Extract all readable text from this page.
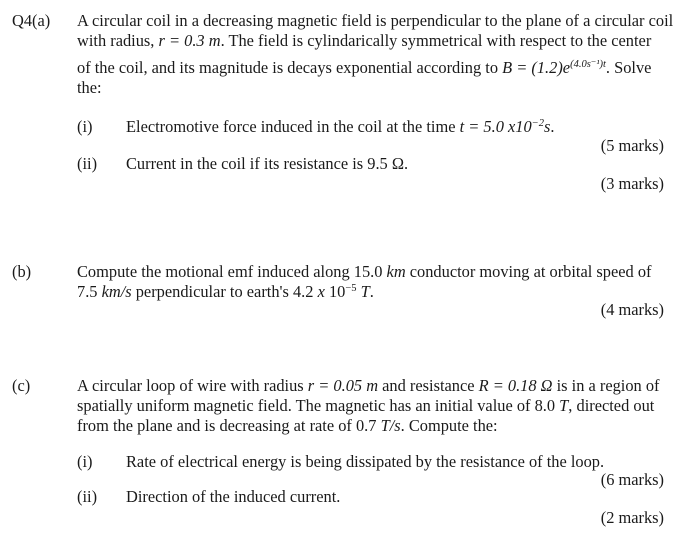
Q4(a) A circular coil in a decreasing magnetic field is perpendicular to the plane of a circular coil
with radius, r = 0.3 m. The field is cylindarically symmetrical with respect to the center
of the coil, and its magnitude is decays exponential according to $B = (1.2)e^{(4.0s^{-1})t}$. Solve
the:
(i) Electromotive force induced in the coil at the time t = 5.0 $x10^{-2}s$.
(5 marks)
(ii) Current in the coil if its resistance is 9.5 Ω.
(3 marks)
(b)	Compute the motional emf induced along 15.0 km conductor moving at orbital speed of
7.5 km/s perpendicular to earth's 4.2 x $10^{-5}$ T.
(4 marks)
(c)	A circular loop of wire with radius r = 0.05 m and resistance R = 0.18 Ω is in a region of
spatially uniform magnetic field. The magnetic has an initial value of 8.0 T, directed out
from the plane and is decreasing at rate of 0.7 T/s. Compute the:
(i) Rate of electrical energy is being dissipated by the resistance of the loop.
(6 marks)
(ii) Direction of the induced current.
(2 marks)
